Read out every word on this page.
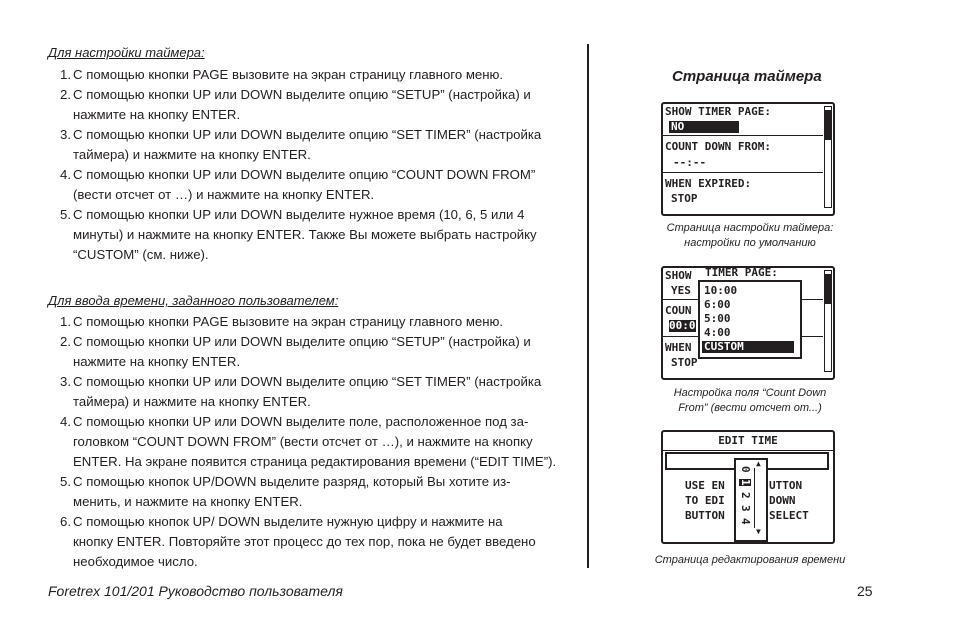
Для настройки таймера:
1. С помощью кнопки PAGE вызовите на экран страницу главного меню.
2. С помощью кнопки UP или DOWN выделите опцию “SETUP” (настройка) и
нажмите на кнопку ENTER.
3. С помощью кнопки UP или DOWN выделите опцию “SET TIMER” (настройка
таймера) и нажмите на кнопку ENTER.
4. С помощью кнопки UP или DOWN выделите опцию “COUNT DOWN FROM”
(вести отсчет от …) и нажмите на кнопку ENTER.
5. С помощью кнопки UP или DOWN выделите нужное время (10, 6, 5 или 4
минуты) и нажмите на кнопку ENTER. Также Вы можете выбрать настройку
“CUSTOM” (см. ниже).
Для ввода времени, заданного пользователем:
1. С помощью кнопки PAGE вызовите на экран страницу главного меню.
2. С помощью кнопки UP или DOWN выделите опцию “SETUP” (настройка) и
нажмите на кнопку ENTER.
3. С помощью кнопки UP или DOWN выделите опцию “SET TIMER” (настройка
таймера) и нажмите на кнопку ENTER.
4. С помощью кнопки UP или DOWN выделите поле, расположенное под за-
головком “COUNT DOWN FROM” (вести отсчет от …), и нажмите на кнопку
ENTER. На экране появится страница редактирования времени (“EDIT TIME”).
5. С помощью кнопок UP/DOWN выделите разряд, который Вы хотите из-
менить, и нажмите на кнопку ENTER.
6. С помощью кнопок UP/ DOWN выделите нужную цифру и нажмите на
кнопку ENTER. Повторяйте этот процесс до тех пор, пока не будет введено
необходимое число.
Страница таймера
SHOW TIMER PAGE:
NO
COUNT DOWN FROM:
--:--
WHEN EXPIRED:
STOP
Страница настройки таймера:
настройки по умолчанию
SHOW TIMER PAGE:
YES
COUN
00:0
WHEN
STOP
10:00
6:00
5:00
4:00
CUSTOM
Настройка поля “Count Down
From” (вести отсчет от...)
EDIT TIME
USE EN
TO EDI
BUTTON
UTTON
DOWN
SELECT
▲
0
1
2
3
4
▼
Страница редактирования времени
Foretrex 101/201 Руководство пользователя	25
